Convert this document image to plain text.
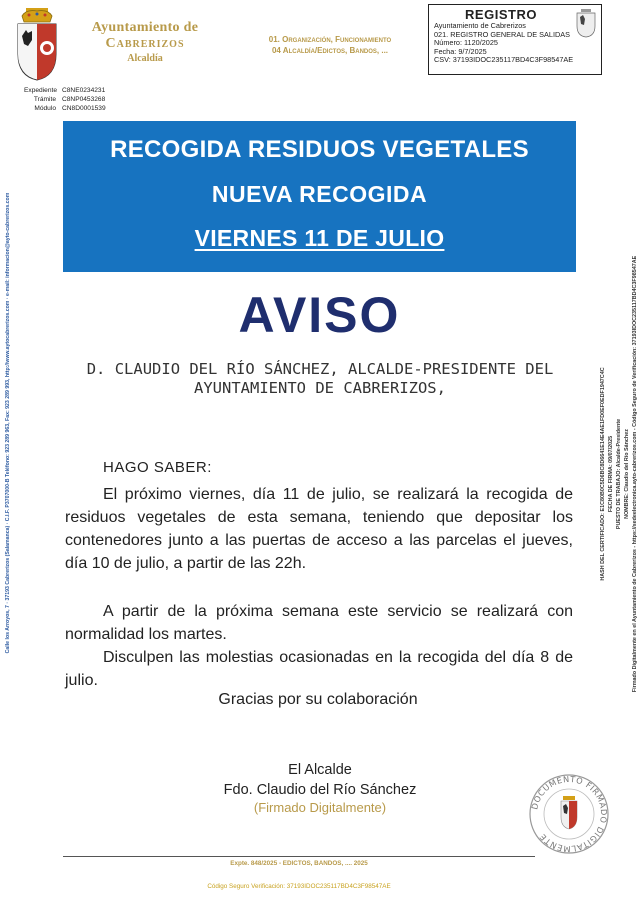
Ayuntamiento de
Cabrerizos
Alcaldía
01. Organización, Funcionamiento
04 Alcaldía/Edictos, Bandos, ...
REGISTRO
Ayuntamiento de Cabrerizos
021. REGISTRO GENERAL DE SALIDAS
Número: 1120/2025
Fecha: 9/7/2025
CSV: 37193IDOC235117BD4C3F98547AE
Expediente C8NE0234231
Trámite C8NP0453268
Módulo CN8D0001539
Calle los Arroyos, 7 · 37193 Cabrerizos (Salamanca) · C.I.F. P3707000-B Teléfono: 923 289 963, Fax: 923 289 993, http://www.aytocabrerizos.com · e-mail: informacion@ayto-cabrerizos.com	HASH DEL CERTIFICADO: E1C80B0C5D6BC8D6641E14E4AE1FD0EF0EDF1947C4C FECHA DE FIRMA: 09/07/2025 PUESTO DE TRABAJO: Alcalde-Presidente NOMBRE: Claudio del Río Sánchez Firmado Digitalmente en el Ayuntamiento de Cabrerizos - https://sedeelectronica.ayto-cabrerizos.com - Código Seguro de Verificación: 37193IDOC235117BD4C3F98547AE
RECOGIDA RESIDUOS VEGETALES
NUEVA RECOGIDA
VIERNES 11 DE JULIO
AVISO
D. CLAUDIO DEL RÍO SÁNCHEZ, ALCALDE-PRESIDENTE DEL AYUNTAMIENTO DE CABRERIZOS,
HAGO SABER:
El próximo viernes, día 11 de julio, se realizará la recogida de residuos vegetales de esta semana, teniendo que depositar los contenedores junto a las puertas de acceso a las parcelas el jueves, día 10 de julio, a partir de las 22h.
A partir de la próxima semana este servicio se realizará con normalidad los martes.
Disculpen las molestias ocasionadas en la recogida del día 8 de julio.
Gracias por su colaboración
El Alcalde
Fdo. Claudio del Río Sánchez
(Firmado Digitalmente)	DOCUMENTO FIRMADO DIGITALMENTE
Expte. 848/2025 - EDICTOS, BANDOS, .... 2025
Código Seguro Verificación: 37193IDOC235117BD4C3F98547AE
